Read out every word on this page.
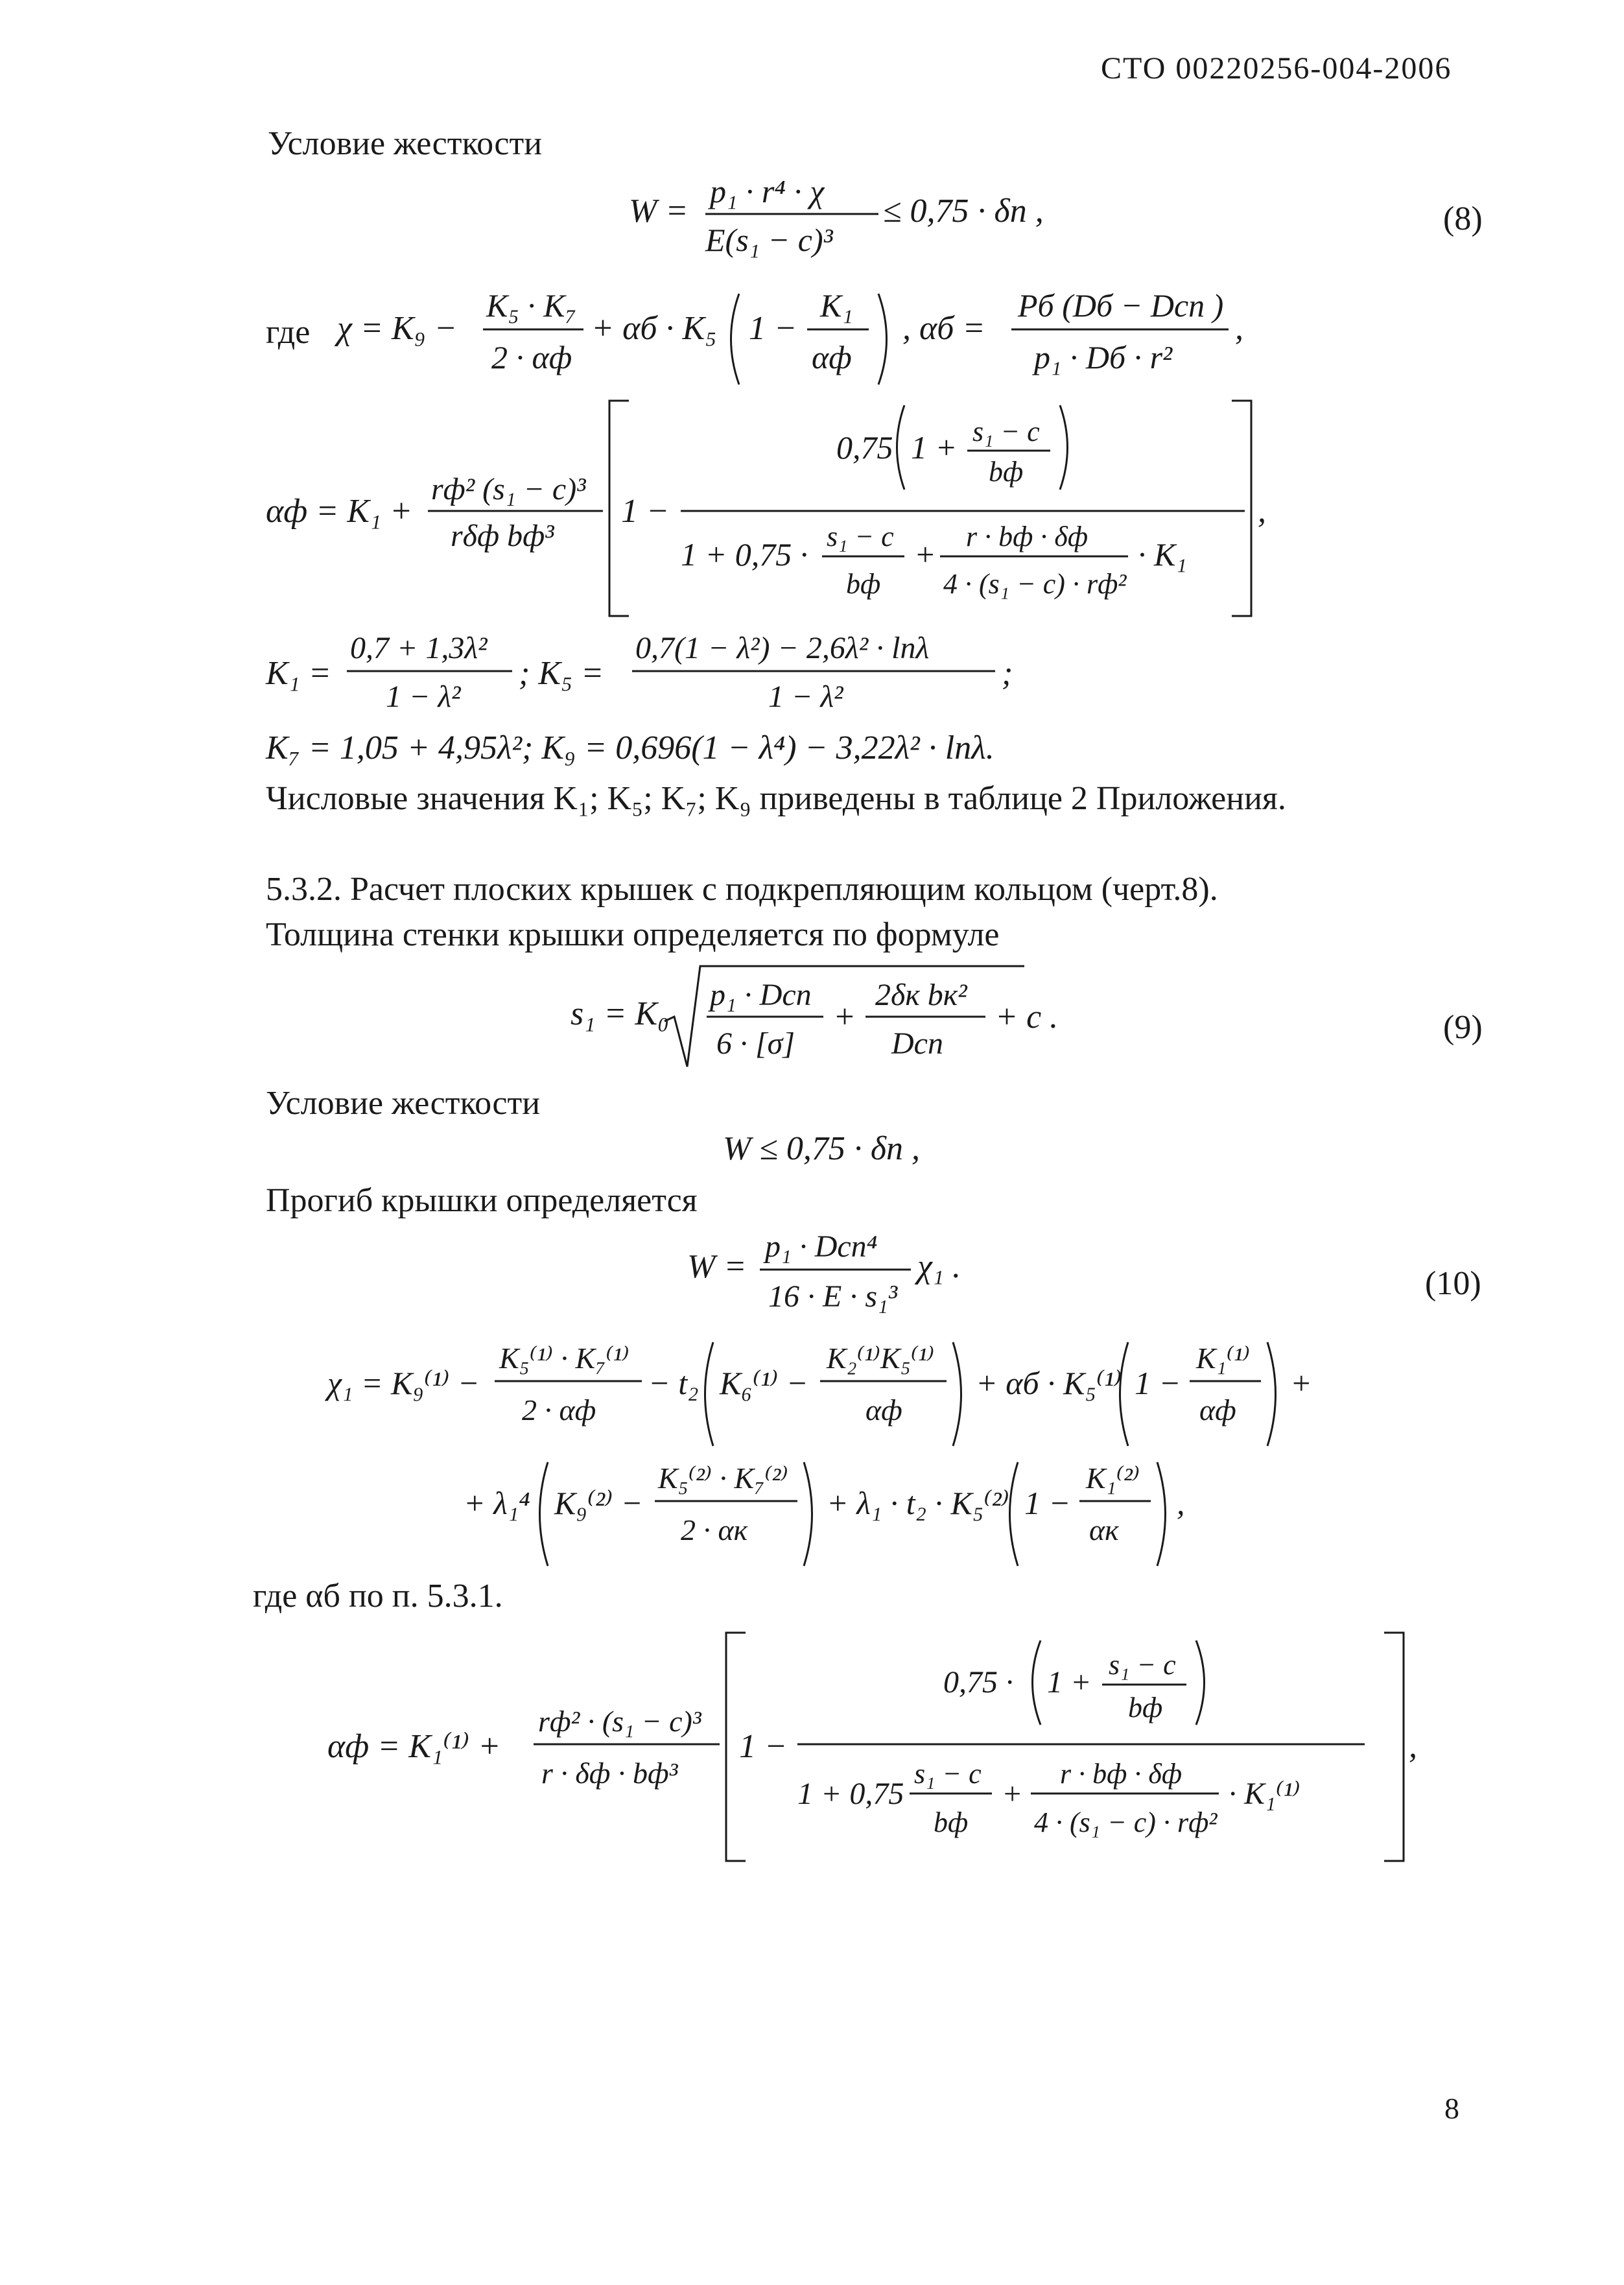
СТО 00220256-004-2006
Условие жесткости
W =
p₁ · r⁴ · χ
E(s₁ − c)³
≤ 0,75 · δп ,	(8)
где χ = K₉ −
K₅ · K₇
2 · αф
+ αб · K₅ 1 −
K₁
αф
, αб =
Pб (Dб − Dсп )
p₁ · Dб · r²
,
αф = K₁ +
rф² (s₁ − c)³
rδф bф³
1 −
0,75 1 + s₁ − c
bф
1 + 0,75 · s₁ − c
bф
+ r · bф · δф
4 · (s₁ − c) · rф²
· K₁
,
K₁ =
0,7 + 1,3λ²
1 − λ²
; K₅ =
0,7(1 − λ²) − 2,6λ² · lnλ
1 − λ²
;
K₇ = 1,05 + 4,95λ²; K₉ = 0,696(1 − λ⁴) − 3,22λ² · lnλ.
Числовые значения K₁; K₅; K₇; K₉ приведены в таблице 2 Приложения.
5.3.2. Расчет плоских крышек с подкрепляющим кольцом (черт.8).
Толщина стенки крышки определяется по формуле
s₁ = K₀
p₁ · Dсп
6 · [σ]
+
2δк bк²
Dсп
+ c .	(9)
Условие жесткости
W ≤ 0,75 · δп ,
Прогиб крышки определяется
W =
p₁ · Dсп⁴
16 · E · s₁³
χ₁ .	(10)
χ₁ = K₉⁽¹⁾ −
K₅⁽¹⁾ · K₇⁽¹⁾
2 · αф
− t₂ K₆⁽¹⁾ −
K₂⁽¹⁾K₅⁽¹⁾
αф
+ αб · K₅⁽¹⁾ 1 −
K₁⁽¹⁾
αф
+
+ λ₁⁴ K₉⁽²⁾ −
K₅⁽²⁾ · K₇⁽²⁾
2 · αк
+ λ₁ · t₂ · K₅⁽²⁾ 1 −
K₁⁽²⁾
αк
,
где αб по п. 5.3.1.
αф = K₁⁽¹⁾ +
rф² · (s₁ − c)³
r · δф · bф³
1 −
0,75 · 1 +
s₁ − c
bф
1 + 0,75
s₁ − c
bф
+
r · bф · δф
4 · (s₁ − c) · rф²
· K₁⁽¹⁾
,
8
